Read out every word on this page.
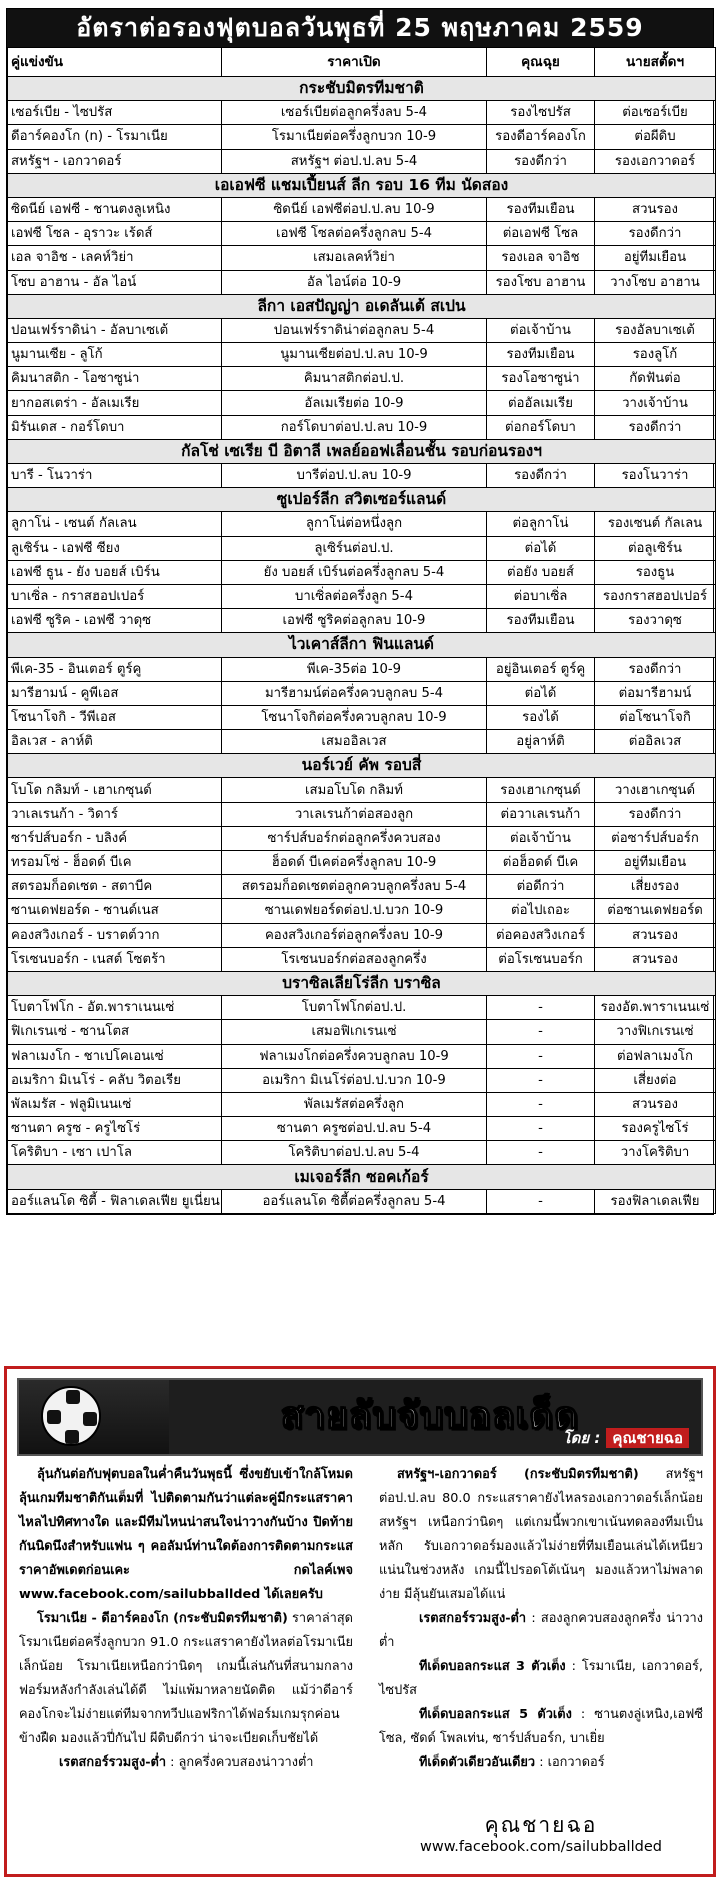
อัตราต่อรองฟุตบอลวันพุธที่ 25 พฤษภาคม 2559
คู่แข่งขัน	ราคาเปิด	คุณฉุย	นายสตั้ดฯ
กระชับมิตรทีมชาติ			
เซอร์เบีย - ไซปรัส	เซอร์เบียต่อลูกครึ่งลบ 5-4	รองไซปรัส	ต่อเซอร์เบีย
ดีอาร์คองโก (n) - โรมาเนีย	โรมาเนียต่อครึ่งลูกบวก 10-9	รองดีอาร์คองโก	ต่อผีดิบ
สหรัฐฯ - เอกวาดอร์	สหรัฐฯ ต่อป.ป.ลบ 5-4	รองดีกว่า	รองเอกวาดอร์
เอเอฟซี แชมเปี้ยนส์ ลีก รอบ 16 ทีม นัดสอง			
ซิดนีย์ เอฟซี - ชานตงลูเหนิง	ซิดนีย์ เอฟซีต่อป.ป.ลบ 10-9	รองทีมเยือน	สวนรอง
เอฟซี โซล - อุราวะ เร้ดส์	เอฟซี โซลต่อครึ่งลูกลบ 5-4	ต่อเอฟซี โซล	รองดีกว่า
เอล จาอิช - เลคห์วิย่า	เสมอเลคห์วิย่า	รองเอล จาอิช	อยู่ทีมเยือน
โซบ อาฮาน - อัล ไอน์	อัล ไอน์ต่อ 10-9	รองโซบ อาฮาน	วางโซบ อาฮาน
ลีกา เอสปัญญ่า อเดลันเต้ สเปน			
ปอนเฟร์ราดิน่า - อัลบาเซเต้	ปอนเฟร์ราดิน่าต่อลูกลบ 5-4	ต่อเจ้าบ้าน	รองอัลบาเซเต้
นูมานเซีย - ลูโก้	นูมานเซียต่อป.ป.ลบ 10-9	รองทีมเยือน	รองลูโก้
คิมนาสติก - โอซาซูน่า	คิมนาสติกต่อป.ป.	รองโอซาซูน่า	กัดฟันต่อ
ยากอสเตร่า - อัลเมเรีย	อัลเมเรียต่อ 10-9	ต่ออัลเมเรีย	วางเจ้าบ้าน
มิรันเดส - กอร์โดบา	กอร์โดบาต่อป.ป.ลบ 10-9	ต่อกอร์โดบา	รองดีกว่า
กัลโช่ เซเรีย บี อิตาลี เพลย์ออฟเลื่อนชั้น รอบก่อนรองฯ			
บารี - โนวาร่า	บารีต่อป.ป.ลบ 10-9	รองดีกว่า	รองโนวาร่า
ซูเปอร์ลีก สวิตเซอร์แลนด์			
ลูกาโน่ - เซนต์ กัลเลน	ลูกาโน่ต่อหนึ่งลูก	ต่อลูกาโน่	รองเซนต์ กัลเลน
ลูเซิร์น - เอฟซี ซียง	ลูเซิร์นต่อป.ป.	ต่อได้	ต่อลูเซิร์น
เอฟซี ธูน - ยัง บอยส์ เบิร์น	ยัง บอยส์ เบิร์นต่อครึ่งลูกลบ 5-4	ต่อยัง บอยส์	รองธูน
บาเซิ่ล - กราสฮอปเปอร์	บาเซิ่ลต่อครึ่งลูก 5-4	ต่อบาเซิ่ล	รองกราสฮอปเปอร์
เอฟซี ซูริค - เอฟซี วาดุซ	เอฟซี ซูริคต่อลูกลบ 10-9	รองทีมเยือน	รองวาดุซ
ไวเคาส์ลีกา ฟินแลนด์			
พีเค-35 - อินเตอร์ ตูร์คู	พีเค-35ต่อ 10-9	อยู่อินเตอร์ ตูร์คู	รองดีกว่า
มารีฮามน์ - คูพีเอส	มารีฮามน์ต่อครึ่งควบลูกลบ 5-4	ต่อได้	ต่อมารีฮามน์
โซนาโจกิ - วีพีเอส	โซนาโจกิต่อครึ่งควบลูกลบ 10-9	รองได้	ต่อโซนาโจกิ
อิลเวส - ลาห์ติ	เสมออิลเวส	อยู่ลาห์ติ	ต่ออิลเวส
นอร์เวย์ คัพ รอบสี่			
โบโด กลิมท์ - เฮาเกซุนด์	เสมอโบโด กลิมท์	รองเฮาเกซุนด์	วางเฮาเกซุนด์
วาเลเรนก้า - วิดาร์	วาเลเรนก้าต่อสองลูก	ต่อวาเลเรนก้า	รองดีกว่า
ซาร์ปส์บอร์ก - บลิงค์	ซาร์ปส์บอร์กต่อลูกครึ่งควบสอง	ต่อเจ้าบ้าน	ต่อซาร์ปส์บอร์ก
ทรอมโซ่ - ฮ็อดด์ บีเค	ฮ็อดด์ บีเคต่อครึ่งลูกลบ 10-9	ต่อฮ็อดด์ บีเค	อยู่ทีมเยือน
สตรอมก็อดเซต - สตาบีค	สตรอมก็อดเซตต่อลูกควบลูกครึ่งลบ 5-4	ต่อดีกว่า	เสี่ยงรอง
ซานเดฟยอร์ด - ซานด์เนส	ซานเดฟยอร์ดต่อป.ป.บวก 10-9	ต่อไปเถอะ	ต่อซานเดฟยอร์ด
คองสวิงเกอร์ - บราตต์วาก	คองสวิงเกอร์ต่อลูกครึ่งลบ 10-9	ต่อคองสวิงเกอร์	สวนรอง
โรเซนบอร์ก - เนสต์ โซตร้า	โรเซนบอร์กต่อสองลูกครึ่ง	ต่อโรเซนบอร์ก	สวนรอง
บราซิลเลียโร่ลีก บราซิล			
โบตาโฟโก - อัต.พาราเนนเซ่	โบตาโฟโกต่อป.ป.	-	รองอัต.พาราเนนเซ่
ฟิเกเรนเซ่ - ซานโตส	เสมอฟิเกเรนเซ่	-	วางฟิเกเรนเซ่
ฟลาเมงโก - ชาเปโคเอนเซ่	ฟลาเมงโกต่อครึ่งควบลูกลบ 10-9	-	ต่อฟลาเมงโก
อเมริกา มิเนโร่ - คลับ วิตอเรีย	อเมริกา มิเนโร่ต่อป.ป.บวก 10-9	-	เสี่ยงต่อ
พัลเมรัส - ฟลูมิเนนเซ่	พัลเมรัสต่อครึ่งลูก	-	สวนรอง
ซานตา ครูซ - ครูไซโร่	ซานตา ครูซต่อป.ป.ลบ 5-4	-	รองครูไซโร่
โคริติบา - เซา เปาโล	โคริติบาต่อป.ป.ลบ 5-4	-	วางโคริติบา
เมเจอร์ลีก ซอคเก้อร์			
ออร์แลนโด ซิตี้ - ฟิลาเดลเฟีย ยูเนี่ยน	ออร์แลนโด ซิตี้ต่อครึ่งลูกลบ 5-4	-	รองฟิลาเดลเฟีย
สายลับจับบอลเด็ด
โดย : คุณชายฉอ

ลุ้นกันต่อกับฟุตบอลในค่ำคืนวันพุธนี้ ซึ่งขยับเข้าใกล้โหมดลุ้นเกมทีมชาติกันเต็มที่ ไปติดตามกันว่าแต่ละคู่มีกระแสราคาไหลไปทิศทางใด และมีทีมไหนน่าสนใจน่าวางกันบ้าง ปิดท้ายกันนิดนึงสำหรับแฟน ๆ คอลัมน์ท่านใดต้องการติดตามกระแสราคาอัพเดตก่อนเคะ กดไลค์เพจ www.facebook.com/sailubballded ได้เลยครับ

โรมาเนีย - ดีอาร์คองโก (กระชับมิตรทีมชาติ) ราคาล่าสุดโรมาเนียต่อครึ่งลูกบวก 91.0 กระแสราคายังไหลต่อโรมาเนียเล็กน้อย โรมาเนียเหนือกว่านิดๆ เกมนี้เล่นกันที่สนามกลาง ฟอร์มหลังกำลังเล่นได้ดี ไม่แพ้มาหลายนัดติด แม้ว่าดีอาร์คองโกจะไม่ง่ายแต่ทีมจากทวีปแอฟริกาได้ฟอร์มเกมรุกค่อนข้างฝืด มองแล้วปี่กันไป ผีดิบดีกว่า น่าจะเบียดเก็บชัยได้

เรตสกอร์รวมสูง-ต่ำ : ลูกครึ่งควบสองน่าวางต่ำ

สหรัฐฯ-เอกวาดอร์ (กระชับมิตรทีมชาติ) สหรัฐฯ ต่อป.ป.ลบ 80.0 กระแสราคายังไหลรองเอกวาดอร์เล็กน้อย สหรัฐฯ เหนือกว่านิดๆ แต่เกมนี้พวกเขาเน้นทดลองทีมเป็นหลัก รับเอกวาดอร์มองแล้วไม่ง่ายที่ทีมเยือนเล่นได้เหนียวแน่นในช่วงหลัง เกมนี้ไปรอดโต้เน้นๆ มองแล้วหาไม่พลาดง่าย มีลุ้นยันเสมอได้แน่

เรตสกอร์รวมสูง-ต่ำ : สองลูกควบสองลูกครึ่ง น่าวางต่ำ

ทีเด็ดบอลกระแส 3 ตัวเต็ง : โรมาเนีย, เอกวาดอร์, ไซปรัส

ทีเด็ดบอลกระแส 5 ตัวเต็ง : ซานตงลู่เหนิง,เอฟซี โซล, ซัดด์ โพลเท่น, ซาร์ปส์บอร์ก, บาเยิ่ย

ทีเด็ดตัวเดียวอันเดียว : เอกวาดอร์

คุณชายฉอ
www.facebook.com/sailubballded
